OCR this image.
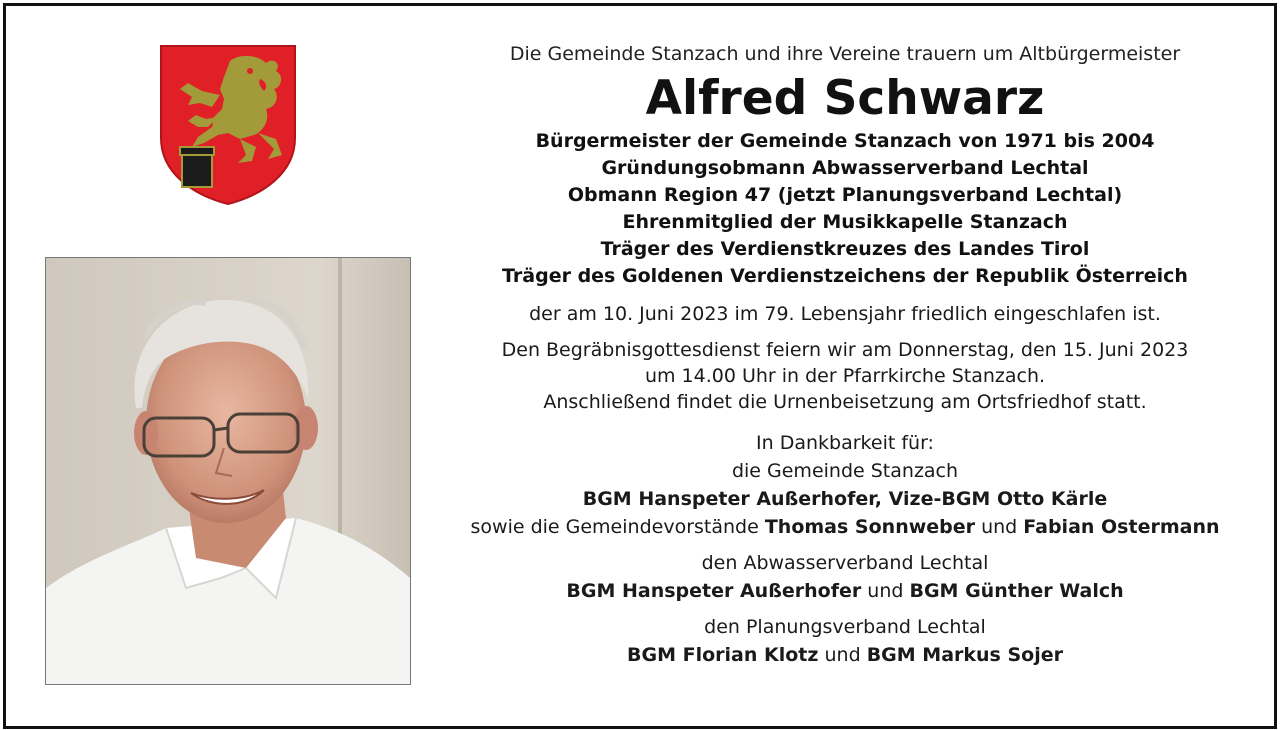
Die Gemeinde Stanzach und ihre Vereine trauern um Altbürgermeister
Alfred Schwarz
Bürgermeister der Gemeinde Stanzach von 1971 bis 2004
Gründungsobmann Abwasserverband Lechtal
Obmann Region 47 (jetzt Planungsverband Lechtal)
Ehrenmitglied der Musikkapelle Stanzach
Träger des Verdienstkreuzes des Landes Tirol
Träger des Goldenen Verdienstzeichens der Republik Österreich
der am 10. Juni 2023 im 79. Lebensjahr friedlich eingeschlafen ist.
Den Begräbnisgottesdienst feiern wir am Donnerstag, den 15. Juni 2023
um 14.00 Uhr in der Pfarrkirche Stanzach.
Anschließend findet die Urnenbeisetzung am Ortsfriedhof statt.
In Dankbarkeit für:
die Gemeinde Stanzach
BGM Hanspeter Außerhofer, Vize-BGM Otto Kärle
sowie die Gemeindevorstände Thomas Sonnweber und Fabian Ostermann
den Abwasserverband Lechtal
BGM Hanspeter Außerhofer und BGM Günther Walch
den Planungsverband Lechtal
BGM Florian Klotz und BGM Markus Sojer
